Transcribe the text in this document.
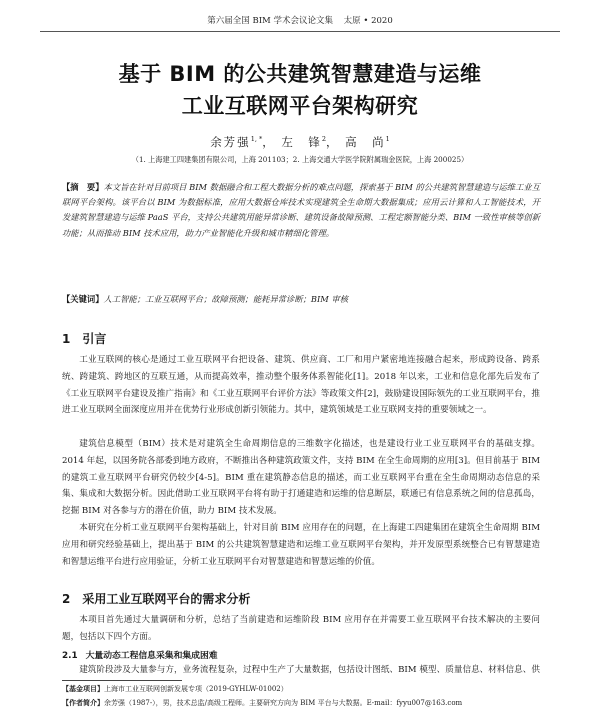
第六届全国 BIM 学术会议论文集 太原 • 2020
基于 BIM 的公共建筑智慧建造与运维
工业互联网平台架构研究
余芳强$^{1, *}$， 左　锋$^2$， 高　尚$^1$
（1. 上海建工四建集团有限公司，上海 201103；2. 上海交通大学医学院附属瑞金医院，上海 200025）
【摘　要】本文旨在针对目前项目 BIM 数据融合和工程大数据分析的难点问题，探索基于 BIM 的公共建筑智慧建造与运维工业互联网平台架构。该平台以 BIM 为数据标准，应用大数据仓库技术实现建筑全生命期大数据集成；应用云计算和人工智能技术，开发建筑智慧建造与运维 PaaS 平台，支持公共建筑用能异常诊断、建筑设备故障预测、工程定额智能分类、BIM 一致性审核等创新功能；从而推动 BIM 技术应用，助力产业智能化升级和城市精细化管理。
【关键词】人工智能；工业互联网平台；故障预测；能耗异常诊断；BIM 审核
1 引言
工业互联网的核心是通过工业互联网平台把设备、建筑、供应商、工厂和用户紧密地连接融合起来，形成跨设备、跨系统、跨建筑、跨地区的互联互通，从而提高效率，推动整个服务体系智能化[1]。2018 年以来，工业和信息化部先后发布了《工业互联网平台建设及推广指南》和《工业互联网平台评价方法》等政策文件[2]，鼓励建设国际领先的工业互联网平台，推进工业互联网全面深度应用并在优势行业形成创新引领能力。其中，建筑领域是工业互联网支持的重要领域之一。
建筑信息模型（BIM）技术是对建筑全生命周期信息的三维数字化描述，也是建设行业工业互联网平台的基础支撑。2014 年起，以国务院各部委到地方政府，不断推出各种建筑政策文件，支持 BIM 在全生命周期的应用[3]。但目前基于 BIM 的建筑工业互联网平台研究仍较少[4-5]。BIM 重在建筑静态信息的描述，而工业互联网平台重在全生命周期动态信息的采集、集成和大数据分析。因此借助工业互联网平台将有助于打通建造和运维的信息断层，联通已有信息系统之间的信息孤岛，挖掘 BIM 对各参与方的潜在价值，助力 BIM 技术发展。
2 采用工业互联网平台的需求分析
本项目首先通过大量调研和分析，总结了当前建造和运维阶段 BIM 应用存在并需要工业互联网平台技术解决的主要问题，包括以下四个方面。
2.1 大量动态工程信息采集和集成困难
建筑阶段涉及大量参与方，业务流程复杂，过程中生产了大量数据，包括设计图纸、BIM 模型、质量信息、材料信息、供
【基金项目】上海市工业互联网创新发展专项（2019-GYHLW-01002）
【作者简介】余芳强（1987-），男，技术总监/高级工程师。主要研究方向为 BIM 平台与大数据。E-mail：fyyu007@163.com
本研究在分析工业互联网平台架构基础上，针对目前 BIM 应用存在的问题，在上海建工四建集团在建筑全生命周期 BIM 应用和研究经验基础上，提出基于 BIM 的公共建筑智慧建造和运维工业互联网平台架构，并开发原型系统整合已有智慧建造和智慧运维平台进行应用验证，分析工业互联网平台对智慧建造和智慧运维的价值。
